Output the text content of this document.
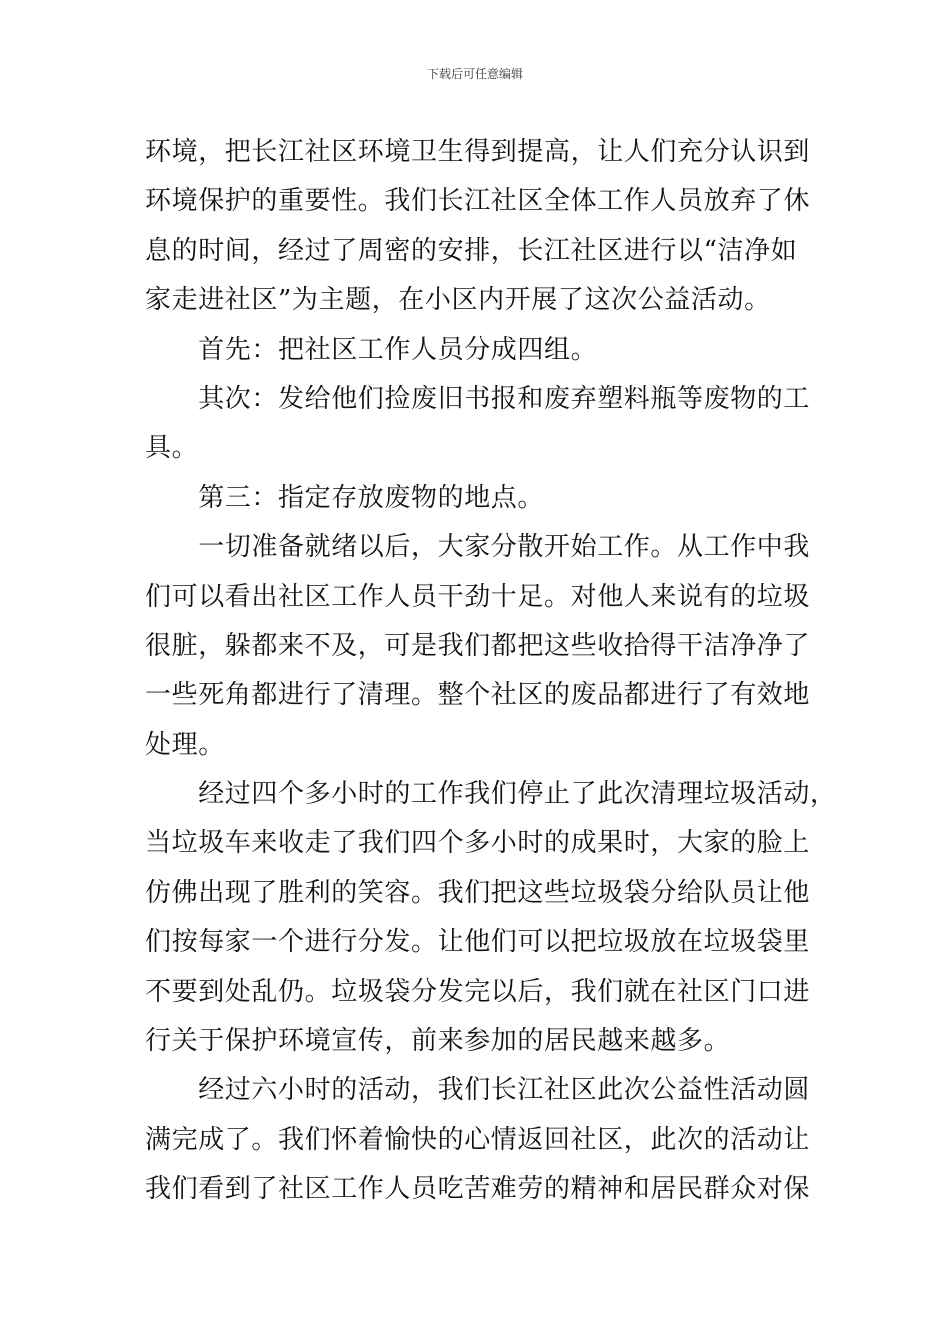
下载后可任意编辑
环境，把长江社区环境卫生得到提高，让人们充分认识到
环境保护的重要性。我们长江社区全体工作人员放弃了休
息的时间，经过了周密的安排，长江社区进行以“洁净如
家走进社区”为主题，在小区内开展了这次公益活动。
　　首先：把社区工作人员分成四组。
　　其次：发给他们捡废旧书报和废弃塑料瓶等废物的工
具。
　　第三：指定存放废物的地点。
　　一切准备就绪以后，大家分散开始工作。从工作中我
们可以看出社区工作人员干劲十足。对他人来说有的垃圾
很脏，躲都来不及，可是我们都把这些收拾得干洁净净了
一些死角都进行了清理。整个社区的废品都进行了有效地
处理。
　　经过四个多小时的工作我们停止了此次清理垃圾活动，
当垃圾车来收走了我们四个多小时的成果时，大家的脸上
仿佛出现了胜利的笑容。我们把这些垃圾袋分给队员让他
们按每家一个进行分发。让他们可以把垃圾放在垃圾袋里
不要到处乱仍。垃圾袋分发完以后，我们就在社区门口进
行关于保护环境宣传，前来参加的居民越来越多。
　　经过六小时的活动，我们长江社区此次公益性活动圆
满完成了。我们怀着愉快的心情返回社区，此次的活动让
我们看到了社区工作人员吃苦难劳的精神和居民群众对保
